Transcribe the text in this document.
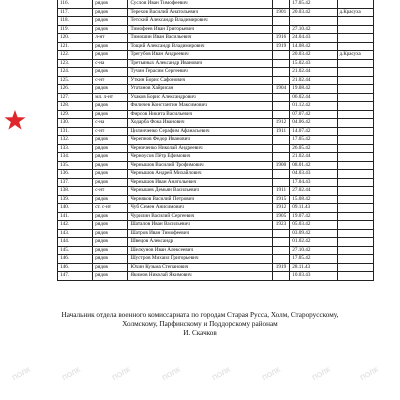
116.	рядов	Суслов Иван Тимофеевич		17.05.42	
117.	рядов	Терехов Василий Анатольевич	1901	20.03.42	д.Красуха
118.	рядов	Тетский Александр Владимирович			
119.	рядов	Тимофеев Иван Григорьевич		27.10.42	
120.	л-нт	Тимошин Иван Васильевич	1916	24.04.43	
121.	рядов	Тощий Александр Владимирович	1919	14.08.42	
122.	рядов	Трегубов Иван Андреевич		20.03.42	д.Красуха
123.	с-на	Третьяных Александр Иванович		15.02.43	
124.	рядов	Тучин Герасим Сергеевич		21.02.44	
125.	с-нт	Уткин Борис Сафонович		21.02.44	
126.	рядов	Угатанов Хайрисан	1904	19.08.42	
127.	мл. л-нт	Ухаков Борис Александрович		06.02.44	
128.	рядов	Филичев Константин Максимович		01.12.42	
129.	рядов	Фирсов Никита Васильевич		07.07.42	
130.	с-на	Ходарба Фока Иванович	1912	04.06.42	
131.	с-нт	Цилинченко Серафим Афанасьевич	1911	14.07.42	
132.	рядов	Черепнов Федор Иванович		17.05.42	
133.	рядов	Черниченко Николай Андреевич		26.05.42	
134.	рядов	Черноусов Пётр Ефимович		21.02.44	
135.	рядов	Чернышов Василий Трофимович	1900	08.01.42	
136.	рядов	Чернышов Андрей Михайлович		04.03.43	
137.	рядов	Чернышов Иван Анатольевич		17.04.43	
138.	с-нт	Чернышев Демьян Васильевич	1911	27.02.44	
139.	рядов	Черняков Василий Петрович	1915	15.08.42	
140.	ст. с-нт	Чуб Семен Анисимович	1912	09.11.43	
141.	рядов	Чурилин Василий Сергеевич	1905	19.07.42	
142.	рядов	Шаталов Иван Васильевич	1923	05.03.42	
143.	рядов	Шатров Иван Тимофеевич		03.09.42	
144.	рядов	Швецов Александр		01.02.42	
145.	рядов	Шелкунов Иван Алексеевич		27.10.42	
146.	рядов	Шустров Михаил Григорьевич		17.05.42	
146.	рядов	Юхин Кузьма Степанович	1919	28.11.43	
147.	рядов	Якимов Николай Якимович		10.03.43	
Начальник отдела военного комиссариата по городам Старая Русса, Холм, Старорусскому,
Холмскому, Парфинскому и Поддорскому районам
И. Скачков
ПОЛК	ПОЛК	ПОЛК	ПОЛК	ПОЛК	ПОЛК	ПОЛК	ПОЛК
